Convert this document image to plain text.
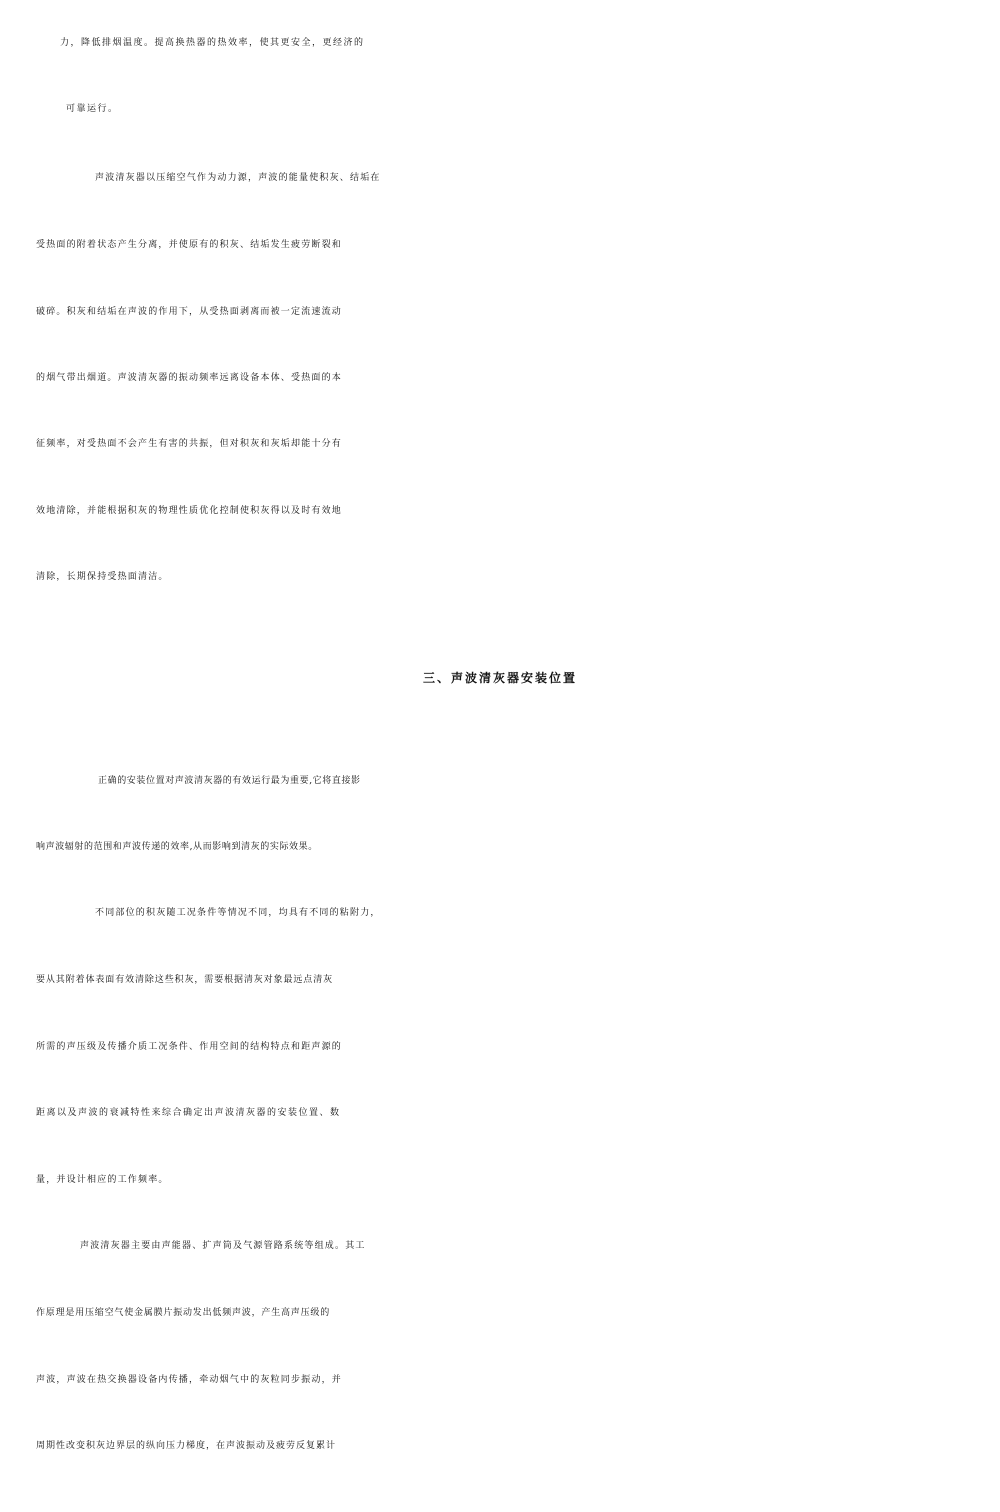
力，降低排烟温度。提高换热器的热效率，使其更安全，更经济的
可靠运行。
声波清灰器以压缩空气作为动力源，声波的能量使积灰、结垢在
受热面的附着状态产生分离，并使原有的积灰、结垢发生疲劳断裂和
破碎。积灰和结垢在声波的作用下，从受热面剥离而被一定流速流动
的烟气带出烟道。声波清灰器的振动频率远离设备本体、受热面的本
征频率，对受热面不会产生有害的共振，但对积灰和灰垢却能十分有
效地清除，并能根据积灰的物理性质优化控制使积灰得以及时有效地
清除，长期保持受热面清洁。
三、声波清灰器安装位置
正确的安装位置对声波清灰器的有效运行最为重要,它将直接影
响声波辐射的范围和声波传递的效率,从而影响到清灰的实际效果。
不同部位的积灰随工况条件等情况不同，均具有不同的粘附力，
要从其附着体表面有效清除这些积灰，需要根据清灰对象最远点清灰
所需的声压级及传播介质工况条件、作用空间的结构特点和距声源的
距离以及声波的衰减特性来综合确定出声波清灰器的安装位置、数
量，并设计相应的工作频率。
声波清灰器主要由声能器、扩声筒及气源管路系统等组成。其工
作原理是用压缩空气使金属膜片振动发出低频声波，产生高声压级的
声波，声波在热交换器设备内传播，牵动烟气中的灰粒同步振动，并
周期性改变积灰边界层的纵向压力梯度，在声波振动及疲劳反复累计
